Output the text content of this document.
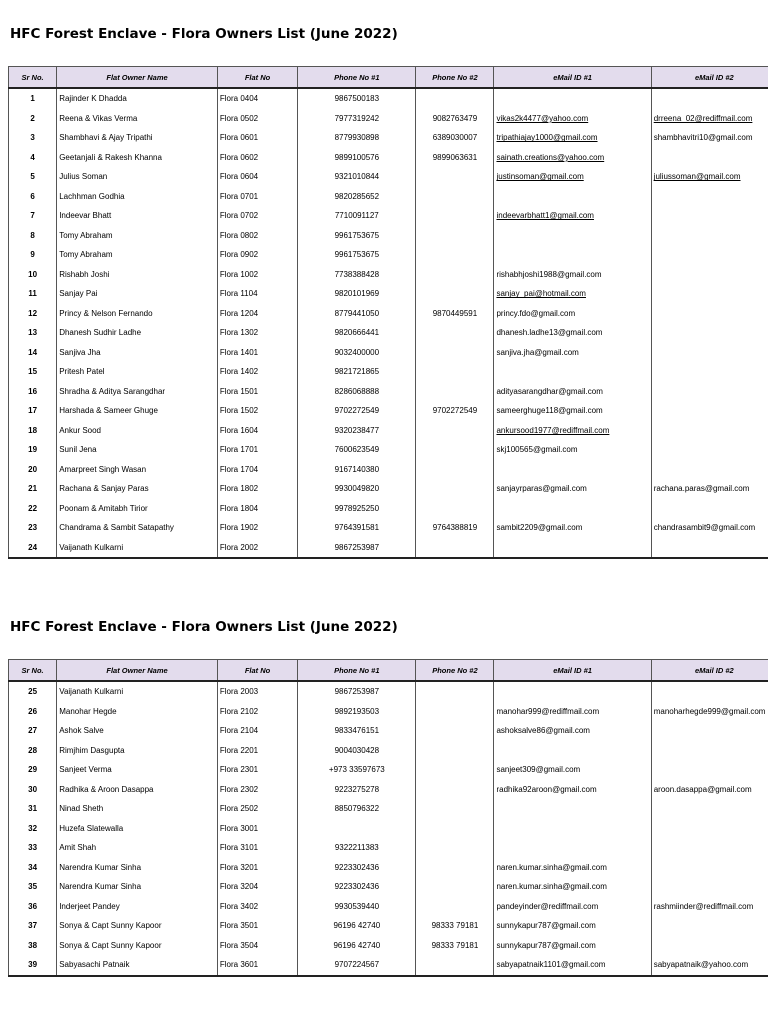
HFC Forest Enclave - Flora Owners List (June 2022)
Sr No.	Flat Owner Name	Flat No	Phone No #1	Phone No #2	eMail ID #1	eMail ID #2
1	Rajinder K Dhadda	Flora 0404	9867500183			
2	Reena & Vikas Verma	Flora 0502	7977319242	9082763479	vikas2k4477@yahoo.com	drreena_02@rediffmail.com
3	Shambhavi & Ajay Tripathi	Flora 0601	8779930898	6389030007	tripathiajay1000@gmail.com	shambhavitri10@gmail.com
4	Geetanjali & Rakesh Khanna	Flora 0602	9899100576	9899063631	sainath.creations@yahoo.com	
5	Julius Soman	Flora 0604	9321010844		justinsoman@gmail.com	juliussoman@gmail.com
6	Lachhman Godhia	Flora 0701	9820285652			
7	Indeevar Bhatt	Flora 0702	7710091127		indeevarbhatt1@gmail.com	
8	Tomy Abraham	Flora 0802	9961753675			
9	Tomy Abraham	Flora 0902	9961753675			
10	Rishabh Joshi	Flora 1002	7738388428		rishabhjoshi1988@gmail.com	
11	Sanjay Pai	Flora 1104	9820101969		sanjay_pai@hotmail.com	
12	Princy & Nelson Fernando	Flora 1204	8779441050	9870449591	princy.fdo@gmail.com	
13	Dhanesh Sudhir Ladhe	Flora 1302	9820666441		dhanesh.ladhe13@gmail.com	
14	Sanjiva Jha	Flora 1401	9032400000		sanjiva.jha@gmail.com	
15	Pritesh Patel	Flora 1402	9821721865			
16	Shradha & Aditya Sarangdhar	Flora 1501	8286068888		adityasarangdhar@gmail.com	
17	Harshada & Sameer Ghuge	Flora 1502	9702272549	9702272549	sameerghuge118@gmail.com	
18	Ankur Sood	Flora 1604	9320238477		ankursood1977@rediffmail.com	
19	Sunil Jena	Flora 1701	7600623549		skj100565@gmail.com	
20	Amarpreet Singh Wasan	Flora 1704	9167140380			
21	Rachana & Sanjay Paras	Flora 1802	9930049820		sanjayrparas@gmail.com	rachana.paras@gmail.com
22	Poonam & Amitabh Tirior	Flora 1804	9978925250			
23	Chandrama & Sambit Satapathy	Flora 1902	9764391581	9764388819	sambit2209@gmail.com	chandrasambit9@gmail.com
24	Vaijanath Kulkarni	Flora 2002	9867253987			
HFC Forest Enclave - Flora Owners List (June 2022)
Sr No.	Flat Owner Name	Flat No	Phone No #1	Phone No #2	eMail ID #1	eMail ID #2
25	Vaijanath Kulkarni	Flora 2003	9867253987			
26	Manohar Hegde	Flora 2102	9892193503		manohar999@rediffmail.com	manoharhegde999@gmail.com
27	Ashok Salve	Flora 2104	9833476151		ashoksalve86@gmail.com	
28	Rimjhim Dasgupta	Flora 2201	9004030428			
29	Sanjeet Verma	Flora 2301	+973 33597673		sanjeet309@gmail.com	
30	Radhika & Aroon Dasappa	Flora 2302	9223275278		radhika92aroon@gmail.com	aroon.dasappa@gmail.com
31	Ninad Sheth	Flora 2502	8850796322			
32	Huzefa Slatewalla	Flora 3001				
33	Amit Shah	Flora 3101	9322211383			
34	Narendra Kumar Sinha	Flora 3201	9223302436		naren.kumar.sinha@gmail.com	
35	Narendra Kumar Sinha	Flora 3204	9223302436		naren.kumar.sinha@gmail.com	
36	Inderjeet Pandey	Flora 3402	9930539440		pandeyinder@rediffmail.com	rashmiinder@rediffmail.com
37	Sonya & Capt Sunny Kapoor	Flora 3501	96196 42740	98333 79181	sunnykapur787@gmail.com	
38	Sonya & Capt Sunny Kapoor	Flora 3504	96196 42740	98333 79181	sunnykapur787@gmail.com	
39	Sabyasachi Patnaik	Flora 3601	9707224567		sabyapatnaik1101@gmail.com	sabyapatnaik@yahoo.com
